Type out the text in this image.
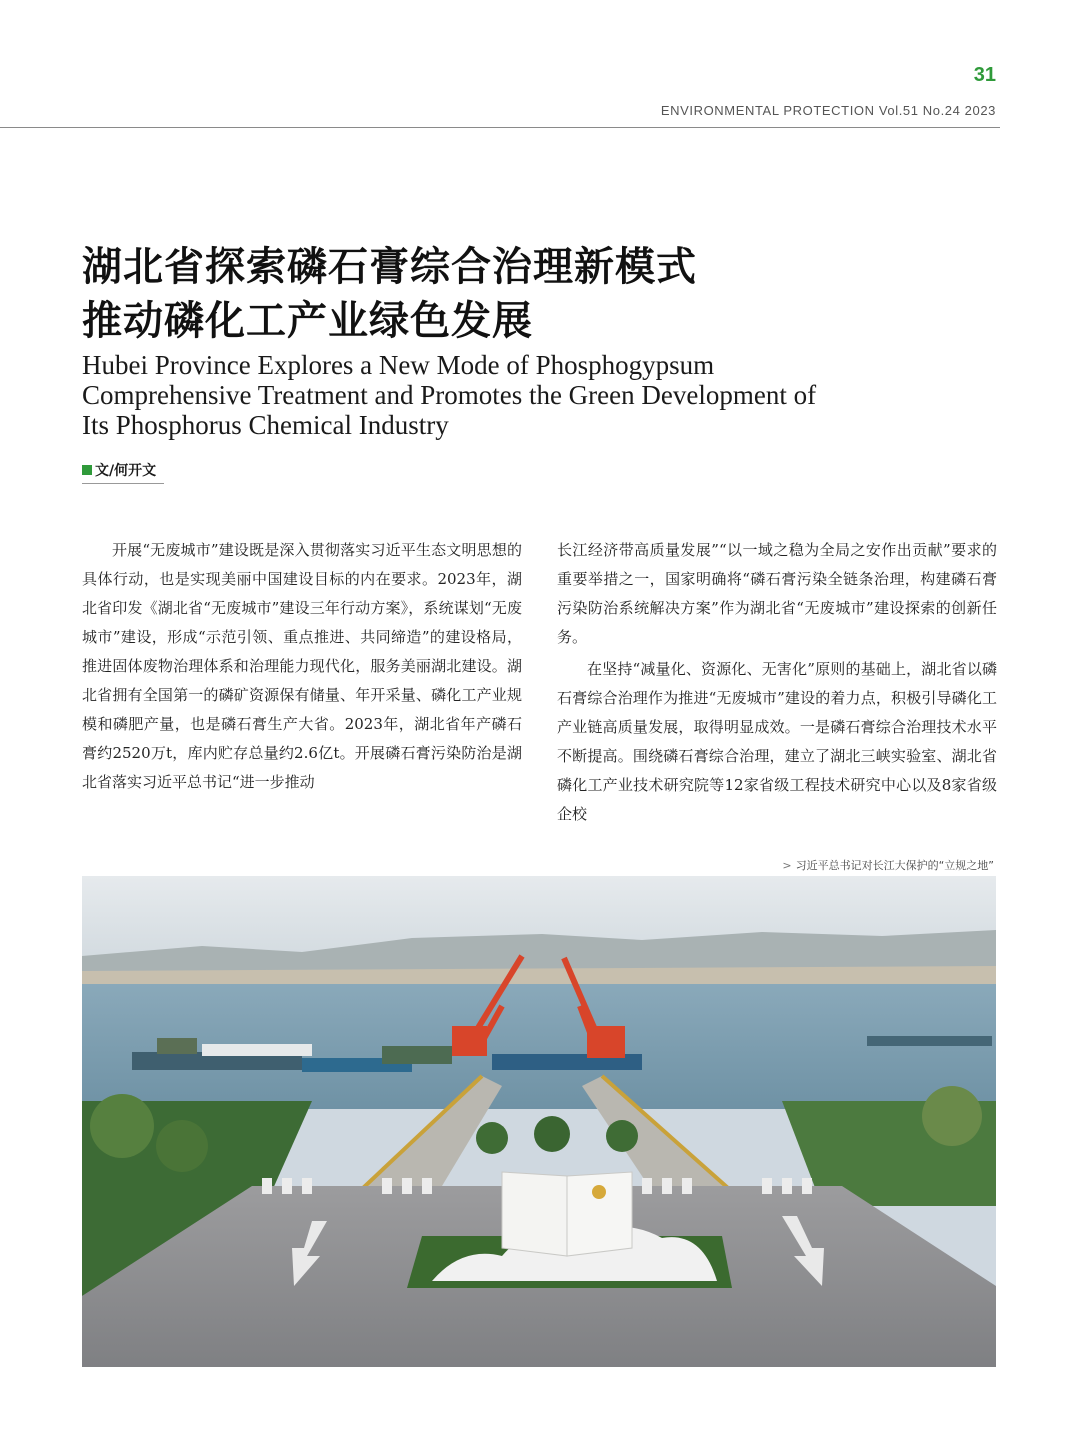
31
ENVIRONMENTAL PROTECTION Vol.51 No.24 2023
湖北省探索磷石膏综合治理新模式
推动磷化工产业绿色发展
Hubei Province Explores a New Mode of Phosphogypsum
Comprehensive Treatment and Promotes the Green Development of
Its Phosphorus Chemical Industry
文/何开文

开展“无废城市”建设既是深入贯彻落实习近平生态文明思想的具体行动，也是实现美丽中国建设目标的内在要求。2023年，湖北省印发《湖北省“无废城市”建设三年行动方案》，系统谋划“无废城市”建设，形成“示范引领、重点推进、共同缔造”的建设格局，推进固体废物治理体系和治理能力现代化，服务美丽湖北建设。湖北省拥有全国第一的磷矿资源保有储量、年开采量、磷化工产业规模和磷肥产量，也是磷石膏生产大省。2023年，湖北省年产磷石膏约2520万t，库内贮存总量约2.6亿t。开展磷石膏污染防治是湖北省落实习近平总书记“进一步推动

长江经济带高质量发展”“以一域之稳为全局之安作出贡献”要求的重要举措之一，国家明确将“磷石膏污染全链条治理，构建磷石膏污染防治系统解决方案”作为湖北省“无废城市”建设探索的创新任务。

在坚持“减量化、资源化、无害化”原则的基础上，湖北省以磷石膏综合治理作为推进“无废城市”建设的着力点，积极引导磷化工产业链高质量发展，取得明显成效。一是磷石膏综合治理技术水平不断提高。围绕磷石膏综合治理，建立了湖北三峡实验室、湖北省磷化工产业技术研究院等12家省级工程技术研究中心以及8家省级企校

> 习近平总书记对长江大保护的“立规之地”
